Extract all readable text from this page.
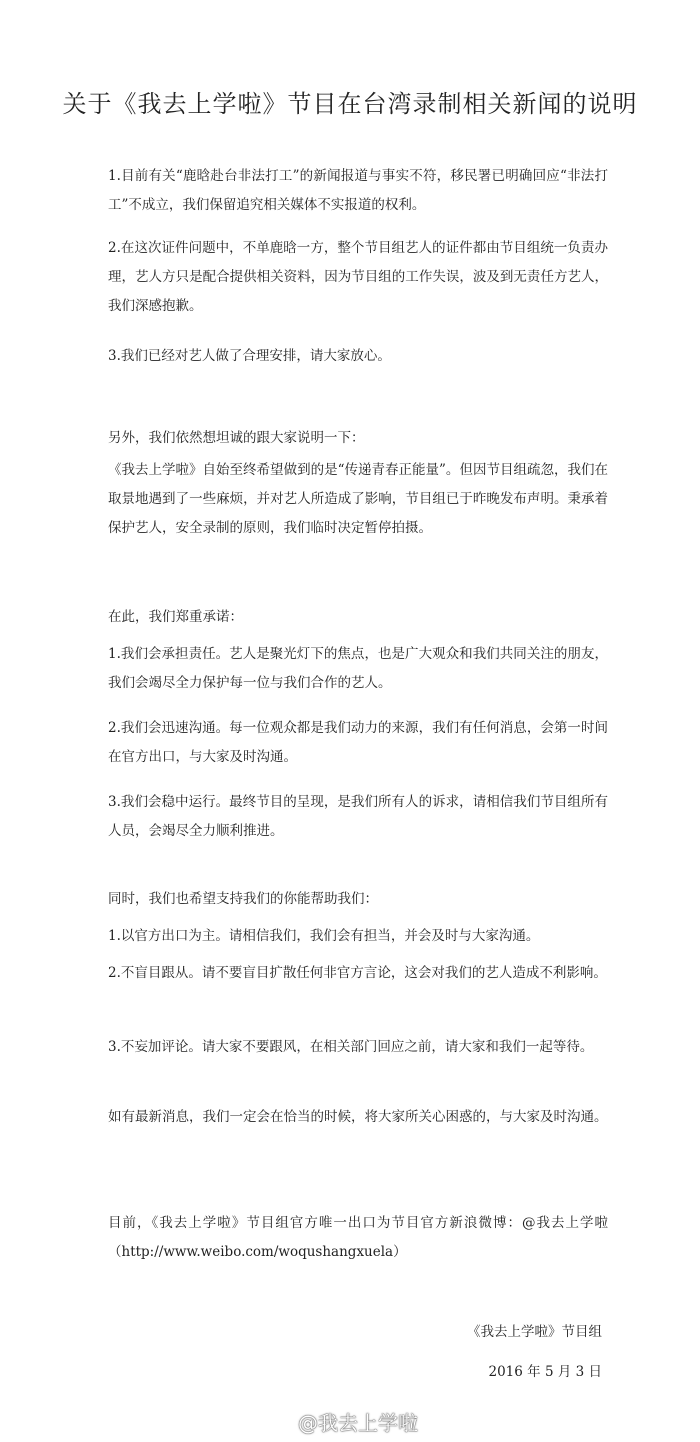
关于《我去上学啦》节目在台湾录制相关新闻的说明

1.目前有关“鹿晗赴台非法打工”的新闻报道与事实不符，移民署已明确回应“非法打工”不成立，我们保留追究相关媒体不实报道的权利。

2.在这次证件问题中，不单鹿晗一方，整个节目组艺人的证件都由节目组统一负责办理，艺人方只是配合提供相关资料，因为节目组的工作失误，波及到无责任方艺人，我们深感抱歉。

3.我们已经对艺人做了合理安排，请大家放心。

另外，我们依然想坦诚的跟大家说明一下：

《我去上学啦》自始至终希望做到的是“传递青春正能量”。但因节目组疏忽，我们在取景地遇到了一些麻烦，并对艺人所造成了影响，节目组已于昨晚发布声明。秉承着保护艺人，安全录制的原则，我们临时决定暂停拍摄。

在此，我们郑重承诺：

1.我们会承担责任。艺人是聚光灯下的焦点，也是广大观众和我们共同关注的朋友，我们会竭尽全力保护每一位与我们合作的艺人。

2.我们会迅速沟通。每一位观众都是我们动力的来源，我们有任何消息，会第一时间在官方出口，与大家及时沟通。

3.我们会稳中运行。最终节目的呈现，是我们所有人的诉求，请相信我们节目组所有人员，会竭尽全力顺利推进。

同时，我们也希望支持我们的你能帮助我们：

1.以官方出口为主。请相信我们，我们会有担当，并会及时与大家沟通。

2.不盲目跟从。请不要盲目扩散任何非官方言论，这会对我们的艺人造成不利影响。

3.不妄加评论。请大家不要跟风，在相关部门回应之前，请大家和我们一起等待。

如有最新消息，我们一定会在恰当的时候，将大家所关心困惑的，与大家及时沟通。

目前，《我去上学啦》节目组官方唯一出口为节目官方新浪微博：@我去上学啦（http://www.weibo.com/woqushangxuela）

《我去上学啦》节目组

2016 年 5 月 3 日

@我去上学啦
